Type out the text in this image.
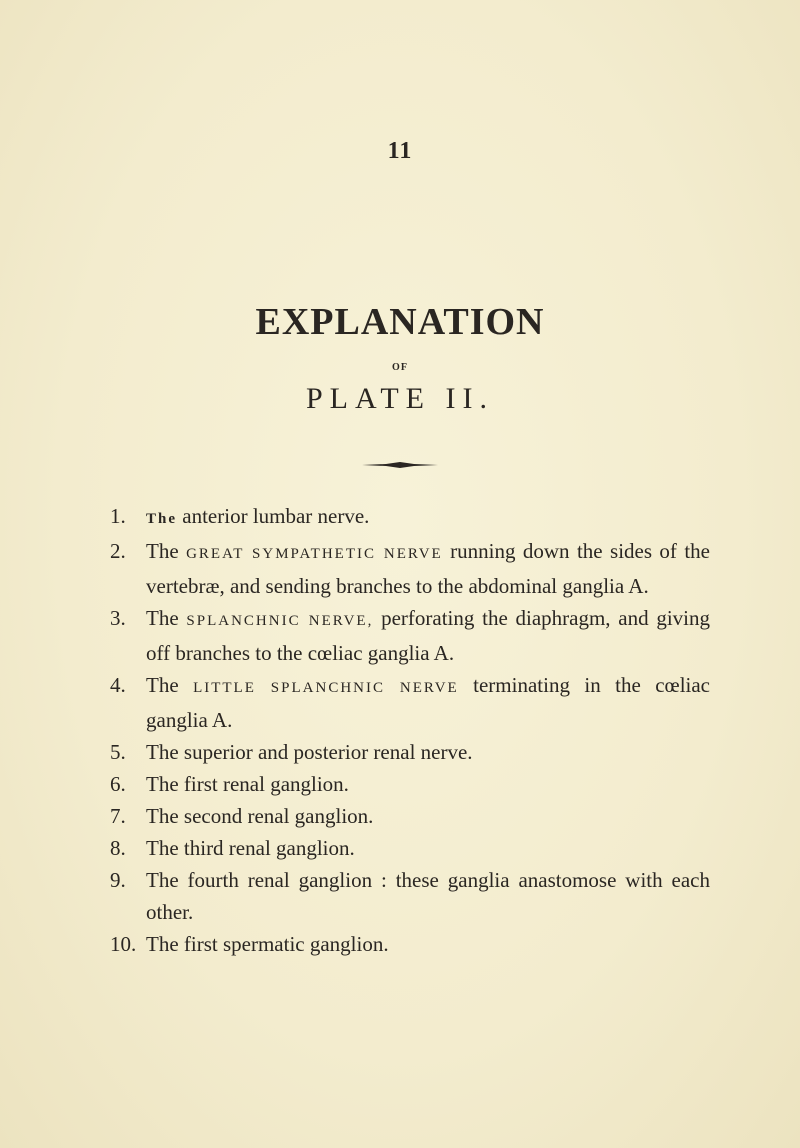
11
EXPLANATION
OF
PLATE II.
1.	The anterior lumbar nerve.
2. The GREAT SYMPATHETIC NERVE running down the sides of the vertebræ, and sending branches to the abdominal ganglia A.
3. The SPLANCHNIC NERVE, perforating the diaphragm, and giving off branches to the cœliac ganglia A.
4. The LITTLE SPLANCHNIC NERVE terminating in the cœliac ganglia A.
5. The superior and posterior renal nerve.
6. The first renal ganglion.
7. The second renal ganglion.
8. The third renal ganglion.
9. The fourth renal ganglion : these ganglia anastomose with each other.
10. The first spermatic ganglion.
